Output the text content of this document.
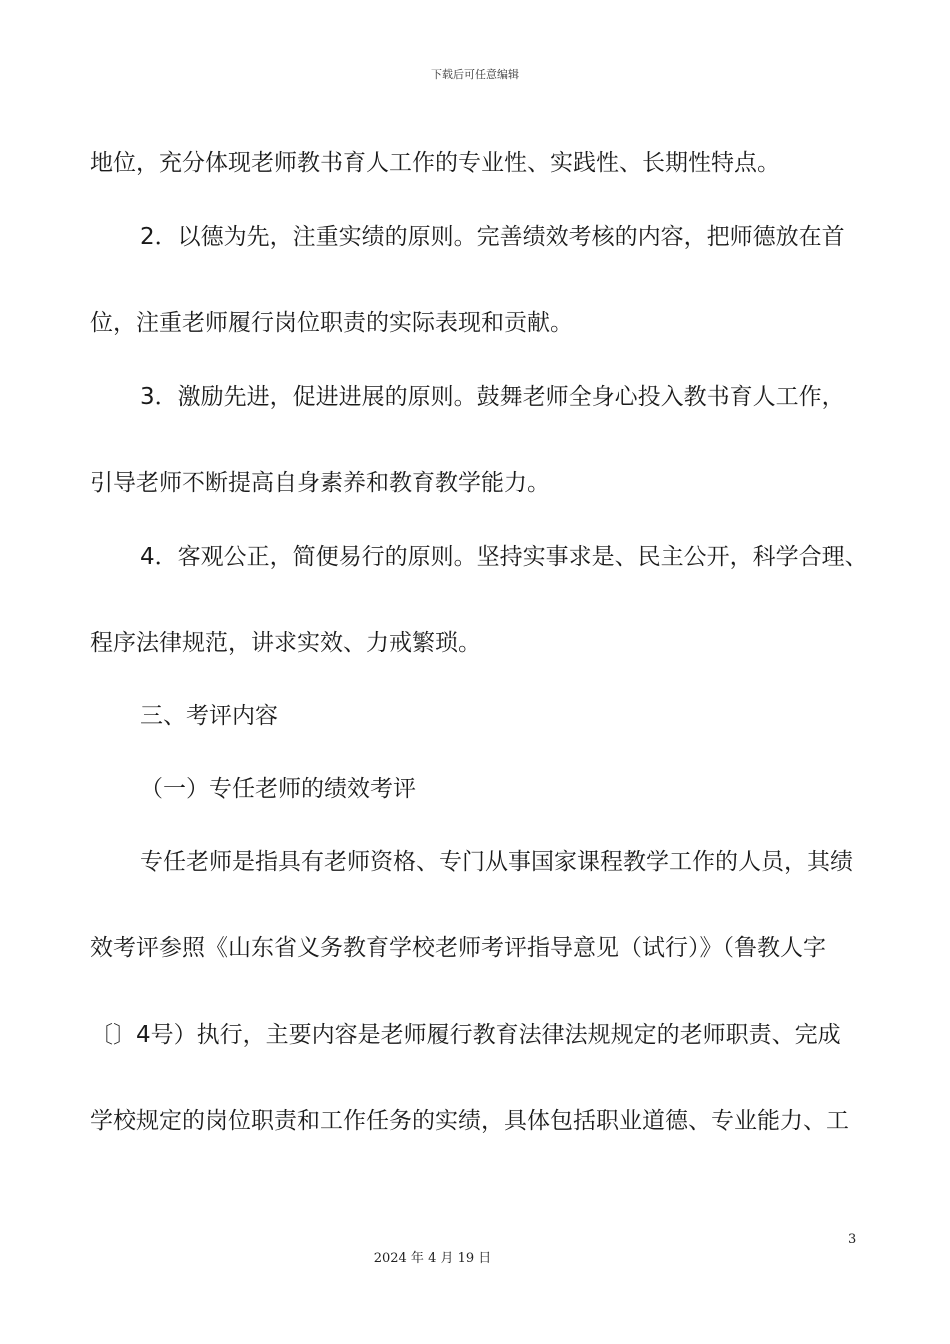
下载后可任意编辑
地位，充分体现老师教书育人工作的专业性、实践性、长期性特点。
2．以德为先，注重实绩的原则。完善绩效考核的内容，把师德放在首
位，注重老师履行岗位职责的实际表现和贡献。
3．激励先进，促进进展的原则。鼓舞老师全身心投入教书育人工作，
引导老师不断提高自身素养和教育教学能力。
4．客观公正，简便易行的原则。坚持实事求是、民主公开，科学合理、
程序法律规范，讲求实效、力戒繁琐。
三、考评内容
（一）专任老师的绩效考评
专任老师是指具有老师资格、专门从事国家课程教学工作的人员，其绩
效考评参照《山东省义务教育学校老师考评指导意见（试行）》（鲁教人字
〔〕4号）执行，主要内容是老师履行教育法律法规规定的老师职责、完成
学校规定的岗位职责和工作任务的实绩，具体包括职业道德、专业能力、工
3
2024 年 4 月 19 日
